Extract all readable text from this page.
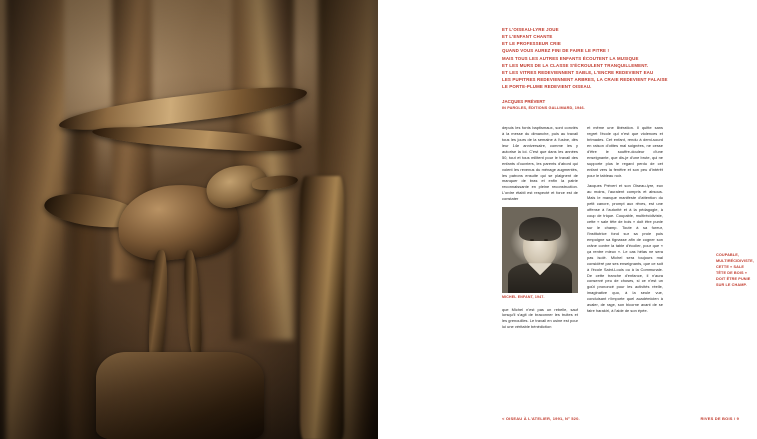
ET L'OISEAU-LYRE JOUE
ET L'ENFANT CHANTE
ET LE PROFESSEUR CRIE
QUAND VOUS AUREZ FINI DE FAIRE LE PITRE !
MAIS TOUS LES AUTRES ENFANTS ÉCOUTENT LA MUSIQUE
ET LES MURS DE LA CLASSE S'ÉCROULENT TRANQUILLEMENT.
ET LES VITRES REDEVIENNENT SABLE, L'ENCRE REDEVIENT EAU
LES PUPITRES REDEVIENNENT ARBRES, LA CRAIE REDEVIENT FALAISE
LE PORTE-PLUME REDEVIENT OISEAU.
JACQUES PRÉVERT
IN PAROLES, ÉDITIONS GALLIMARD, 1946.

depuis les fonts baptismaux, sont conviés à la messe du dimanche, puis au travail tous les jours de la semaine à l'usine, dès leur 14e anniversaire, comme les y autorise la loi. C'est que dans les années 50, tout et tous militent pour le travail des enfants d'ouvriers, les parents d'abord qui voient les revenus du ménage augmentés, les patrons ensuite qui se plaignent de manquer de bras et enfin la patrie reconnaissante en pleine reconstruction. L'ordre établi est respecté et force est de constater

MICHEL ENFANT, 1947.

que Michel n'est pas un rebelle, sauf lorsqu'il s'agit de braconner les truites et les grenouilles. Le travail en usine est pour lui une véritable bénédiction

et même une libération. Il quitte sans regret l'école qui n'est que violences et brimades. Cet enfant, rendu à demi-sourd en raison d'otites mal soignées, ne cesse d'être le souffre-douleur d'une enseignante, que dis-je d'une brute, qui ne supporte plus le regard perdu de cet enfant vers la fenêtre et son peu d'intérêt pour le tableau noir.

Jacques Prévert et son Oiseau-lyre, eux au moins, l'auraient compris et absous. Mais le manque manifeste d'attention du petit cancre, prompt aux rêves, est une offense à l'autorité et à la pédagogie, à coup de trique. Coupable, multirécidiviste, cette « sale tête de bois » doit être punie sur le champ. Toute à sa fureur, l'institutrice fond sur sa proie puis empoigne sa tignasse afin de cogner son crâne contre la table d'écolier, pour que « ça rentre mieux ». Le cas hélas ne sera pas isolé. Michel sera toujours mal considéré par ses enseignants, que ce soit à l'école Saint-Louis ou à la Communale. De cette tranche d'enfance, il n'aura conservé peu de choses, si ce n'est un goût prononcé pour les activités réelle, imaginative quo, à la seule vue, conduisant n'importe quel académicien à avaler, de rage, son bicorne avant de se faire harakiri, à l'aide de son épée.

COUPABLE, MULTIRÉCIDIVISTE, CETTE « SALE TÊTE DE BOIS » DOIT ÊTRE PUNIE SUR LE CHAMP.
< OISEAU À L'ATELIER, 1991, N° 520.	RIVES DE BOIS / 9
